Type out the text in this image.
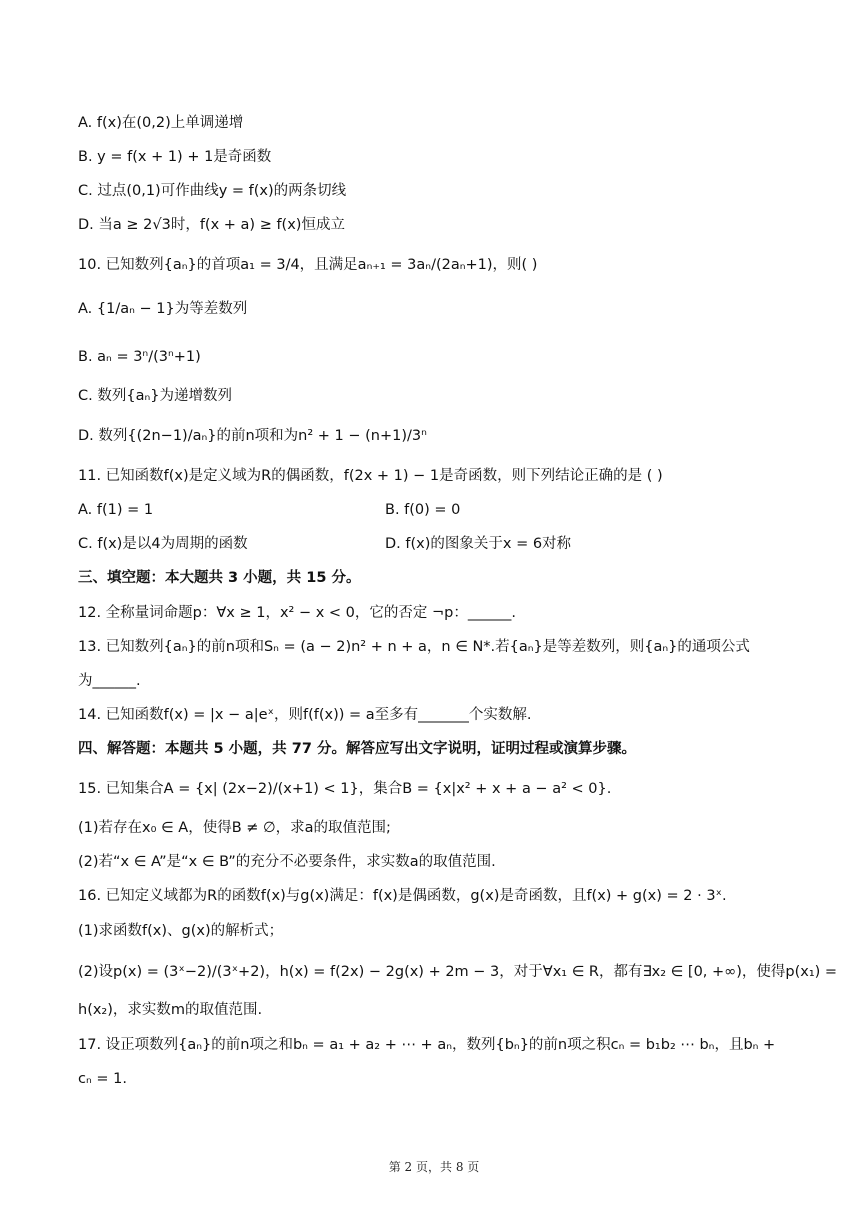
A. f(x)在(0,2)上单调递增
B. y = f(x + 1) + 1是奇函数
C. 过点(0,1)可作曲线y = f(x)的两条切线
D. 当a ≥ 2√3时，f(x + a) ≥ f(x)恒成立
10. 已知数列{aₙ}的首项a₁ = 3/4，且满足aₙ₊₁ = 3aₙ/(2aₙ+1)，则( )
A. {1/aₙ − 1}为等差数列
B. aₙ = 3ⁿ/(3ⁿ+1)
C. 数列{aₙ}为递增数列
D. 数列{(2n−1)/aₙ}的前n项和为n² + 1 − (n+1)/3ⁿ
11. 已知函数f(x)是定义域为R的偶函数，f(2x + 1) − 1是奇函数，则下列结论正确的是 ( )
A. f(1) = 1	B. f(0) = 0
C. f(x)是以4为周期的函数	D. f(x)的图象关于x = 6对称
三、填空题：本大题共 3 小题，共 15 分。
12. 全称量词命题p：∀x ≥ 1，x² − x < 0，它的否定 ¬p：______.
13. 已知数列{aₙ}的前n项和Sₙ = (a − 2)n² + n + a，n ∈ N*.若{aₙ}是等差数列，则{aₙ}的通项公式
为______.
14. 已知函数f(x) = |x − a|eˣ，则f(f(x)) = a至多有_______个实数解.
四、解答题：本题共 5 小题，共 77 分。解答应写出文字说明，证明过程或演算步骤。
15. 已知集合A = {x| (2x−2)/(x+1) < 1}，集合B = {x|x² + x + a − a² < 0}.
(1)若存在x₀ ∈ A，使得B ≠ ∅，求a的取值范围;
(2)若“x ∈ A”是“x ∈ B”的充分不必要条件，求实数a的取值范围.
16. 已知定义域都为R的函数f(x)与g(x)满足：f(x)是偶函数，g(x)是奇函数，且f(x) + g(x) = 2 · 3ˣ.
(1)求函数f(x)、g(x)的解析式；
(2)设p(x) = (3ˣ−2)/(3ˣ+2)，h(x) = f(2x) − 2g(x) + 2m − 3，对于∀x₁ ∈ R，都有∃x₂ ∈ [0, +∞)，使得p(x₁) =
h(x₂)，求实数m的取值范围.
17. 设正项数列{aₙ}的前n项之和bₙ = a₁ + a₂ + ⋯ + aₙ，数列{bₙ}的前n项之积cₙ = b₁b₂ ⋯ bₙ，且bₙ +
cₙ = 1.
第 2 页，共 8 页
